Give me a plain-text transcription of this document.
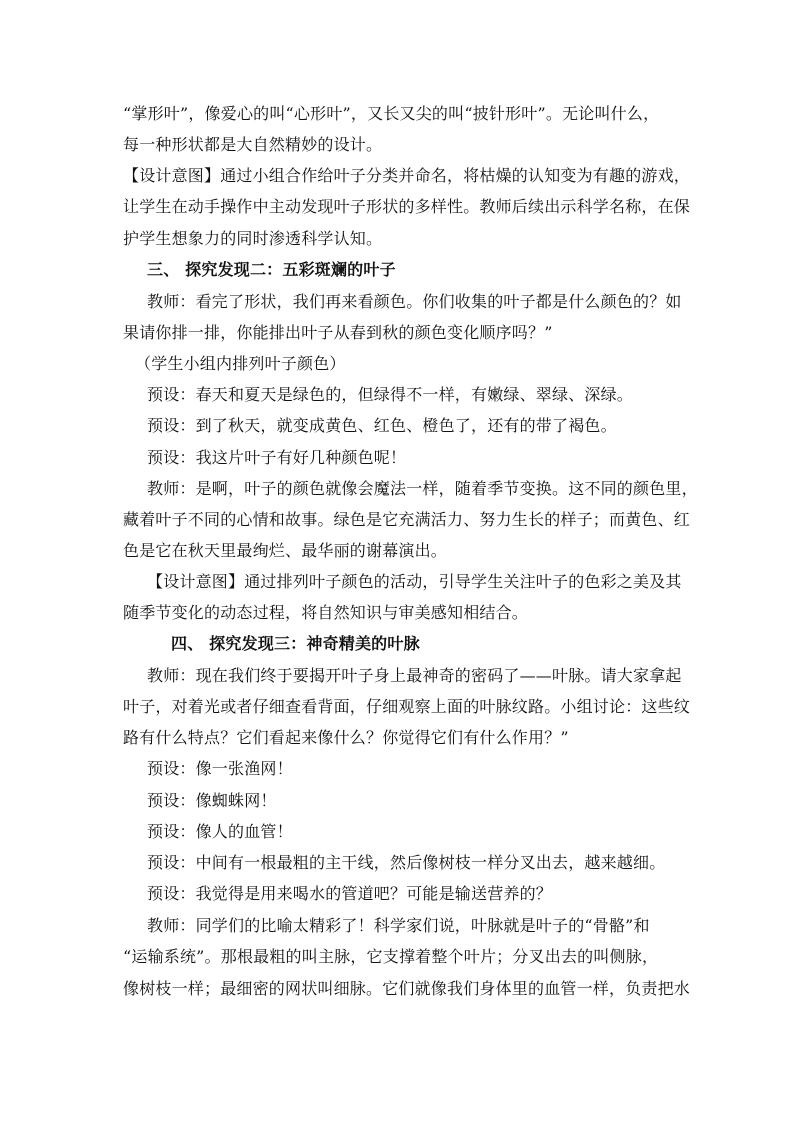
“掌形叶”，像爱心的叫“心形叶”，又长又尖的叫“披针形叶”。无论叫什么，
每一种形状都是大自然精妙的设计。
【设计意图】通过小组合作给叶子分类并命名，将枯燥的认知变为有趣的游戏，
让学生在动手操作中主动发现叶子形状的多样性。教师后续出示科学名称，在保
护学生想象力的同时渗透科学认知。
三、 探究发现二：五彩斑斓的叶子
教师：看完了形状，我们再来看颜色。你们收集的叶子都是什么颜色的？如
果请你排一排，你能排出叶子从春到秋的颜色变化顺序吗？”
（学生小组内排列叶子颜色）
预设：春天和夏天是绿色的，但绿得不一样，有嫩绿、翠绿、深绿。
预设：到了秋天，就变成黄色、红色、橙色了，还有的带了褐色。
预设：我这片叶子有好几种颜色呢！
教师：是啊，叶子的颜色就像会魔法一样，随着季节变换。这不同的颜色里，
藏着叶子不同的心情和故事。绿色是它充满活力、努力生长的样子；而黄色、红
色是它在秋天里最绚烂、最华丽的谢幕演出。
【设计意图】通过排列叶子颜色的活动，引导学生关注叶子的色彩之美及其
随季节变化的动态过程，将自然知识与审美感知相结合。
四、 探究发现三：神奇精美的叶脉
教师：现在我们终于要揭开叶子身上最神奇的密码了——叶脉。请大家拿起
叶子，对着光或者仔细查看背面，仔细观察上面的叶脉纹路。小组讨论：这些纹
路有什么特点？它们看起来像什么？你觉得它们有什么作用？”
预设：像一张渔网！
预设：像蜘蛛网！
预设：像人的血管！
预设：中间有一根最粗的主干线，然后像树枝一样分叉出去，越来越细。
预设：我觉得是用来喝水的管道吧？可能是输送营养的？
教师：同学们的比喻太精彩了！科学家们说，叶脉就是叶子的“骨骼”和
“运输系统”。那根最粗的叫主脉，它支撑着整个叶片；分叉出去的叫侧脉，
像树枝一样；最细密的网状叫细脉。它们就像我们身体里的血管一样，负责把水
